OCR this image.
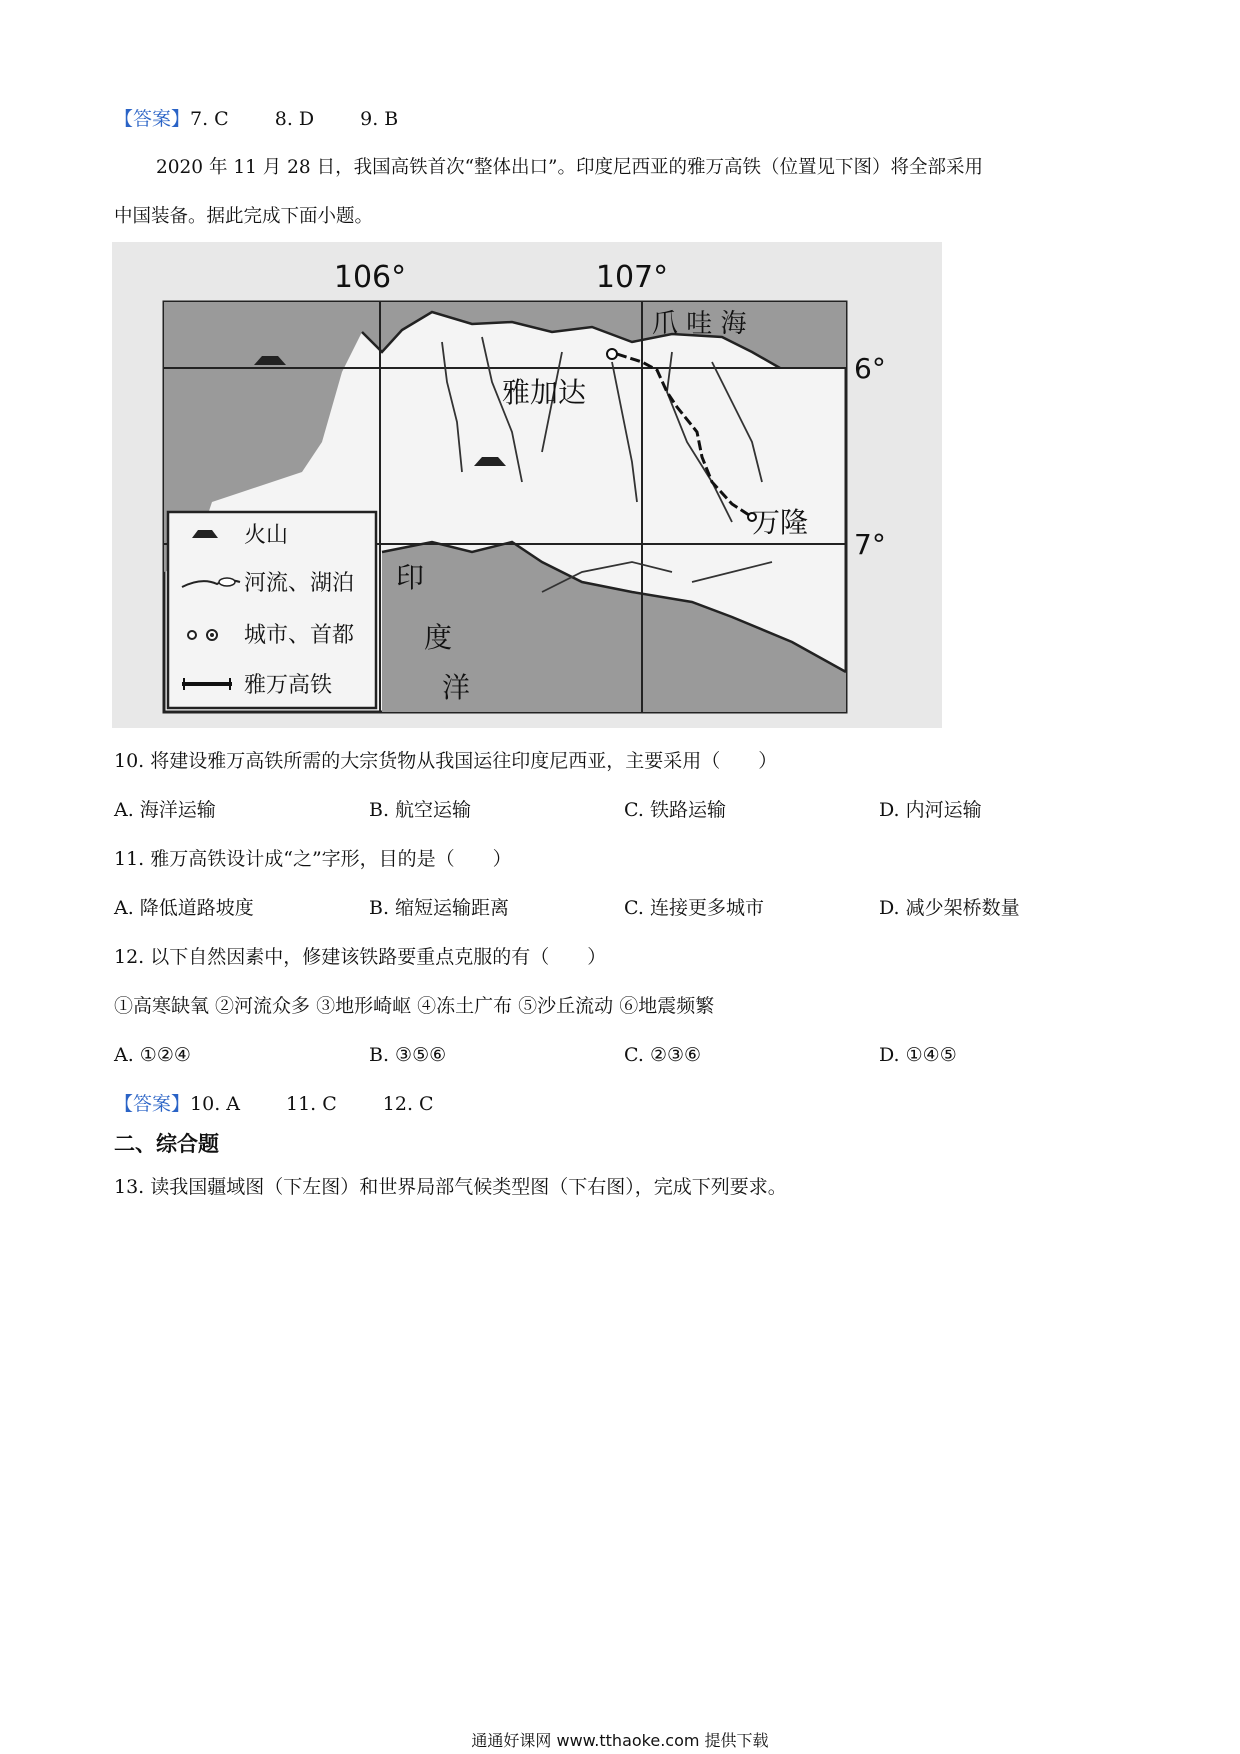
【答案】7. C 8. D 9. B
2020 年 11 月 28 日，我国高铁首次“整体出口”。印度尼西亚的雅万高铁（位置见下图）将全部采用
中国装备。据此完成下面小题。
106°	107°
6°
7°
爪 哇 海
雅加达
万隆
印
度
洋
火山
河流、湖泊
城市、首都
雅万高铁
10. 将建设雅万高铁所需的大宗货物从我国运往印度尼西亚，主要采用（　　）
A. 海洋运输	B. 航空运输	C. 铁路运输	D. 内河运输
11. 雅万高铁设计成“之”字形，目的是（　　）
A. 降低道路坡度	B. 缩短运输距离	C. 连接更多城市	D. 减少架桥数量
12. 以下自然因素中，修建该铁路要重点克服的有（　　）
①高寒缺氧 ②河流众多 ③地形崎岖 ④冻土广布 ⑤沙丘流动 ⑥地震频繁
A. ①②④	B. ③⑤⑥	C. ②③⑥	D. ①④⑤
【答案】10. A 11. C 12. C
二、综合题
13. 读我国疆域图（下左图）和世界局部气候类型图（下右图），完成下列要求。
通通好课网 www.tthaoke.com 提供下载
